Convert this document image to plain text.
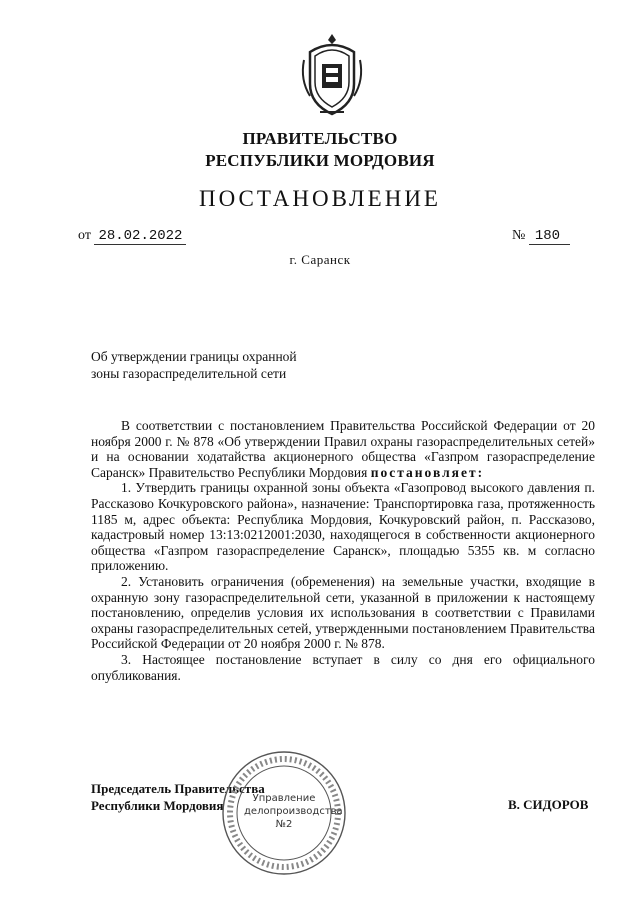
ПРАВИТЕЛЬСТВО
РЕСПУБЛИКИ МОРДОВИЯ
ПОСТАНОВЛЕНИЕ
от 28.02.2022	№ 180
г. Саранск
Об утверждении границы охранной
зоны газораспределительной сети

В соответствии с постановлением Правительства Российской Федерации от 20 ноября 2000 г. № 878 «Об утверждении Правил охраны газораспределительных сетей» и на основании ходатайства акционерного общества «Газпром газораспределение Саранск» Правительство Республики Мордовия постановляет:

1. Утвердить границы охранной зоны объекта «Газопровод высокого давления п. Рассказово Кочкуровского района», назначение: Транспортировка газа, протяженность 1185 м, адрес объекта: Республика Мордовия, Кочкуровский район, п. Рассказово, кадастровый номер 13:13:0212001:2030, находящегося в собственности акционерного общества «Газпром газораспределение Саранск», площадью 5355 кв. м согласно приложению.

2. Установить ограничения (обременения) на земельные участки, входящие в охранную зону газораспределительной сети, указанной в приложении к настоящему постановлению, определив условия их использования в соответствии с Правилами охраны газораспределительных сетей, утвержденными постановлением Правительства Российской Федерации от 20 ноября 2000 г. № 878.

3. Настоящее постановление вступает в силу со дня его официального опубликования.

Председатель Правительства
Республики Мордовия	В. СИДОРОВ
Управление
делопроизводства
№2
